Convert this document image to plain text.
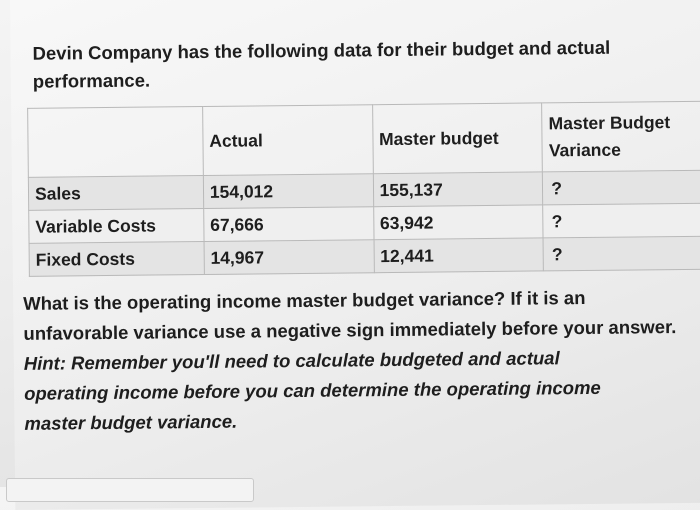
Devin Company has the following data for their budget and actual
performance.

	Actual	Master budget	Master Budget
Variance
Sales	154,012	155,137	?
Variable Costs	67,666	63,942	?
Fixed Costs	14,967	12,441	?

What is the operating income master budget variance? If it is an
unfavorable variance use a negative sign immediately before your answer.
Hint: Remember you'll need to calculate budgeted and actual
operating income before you can determine the operating income
master budget variance.
